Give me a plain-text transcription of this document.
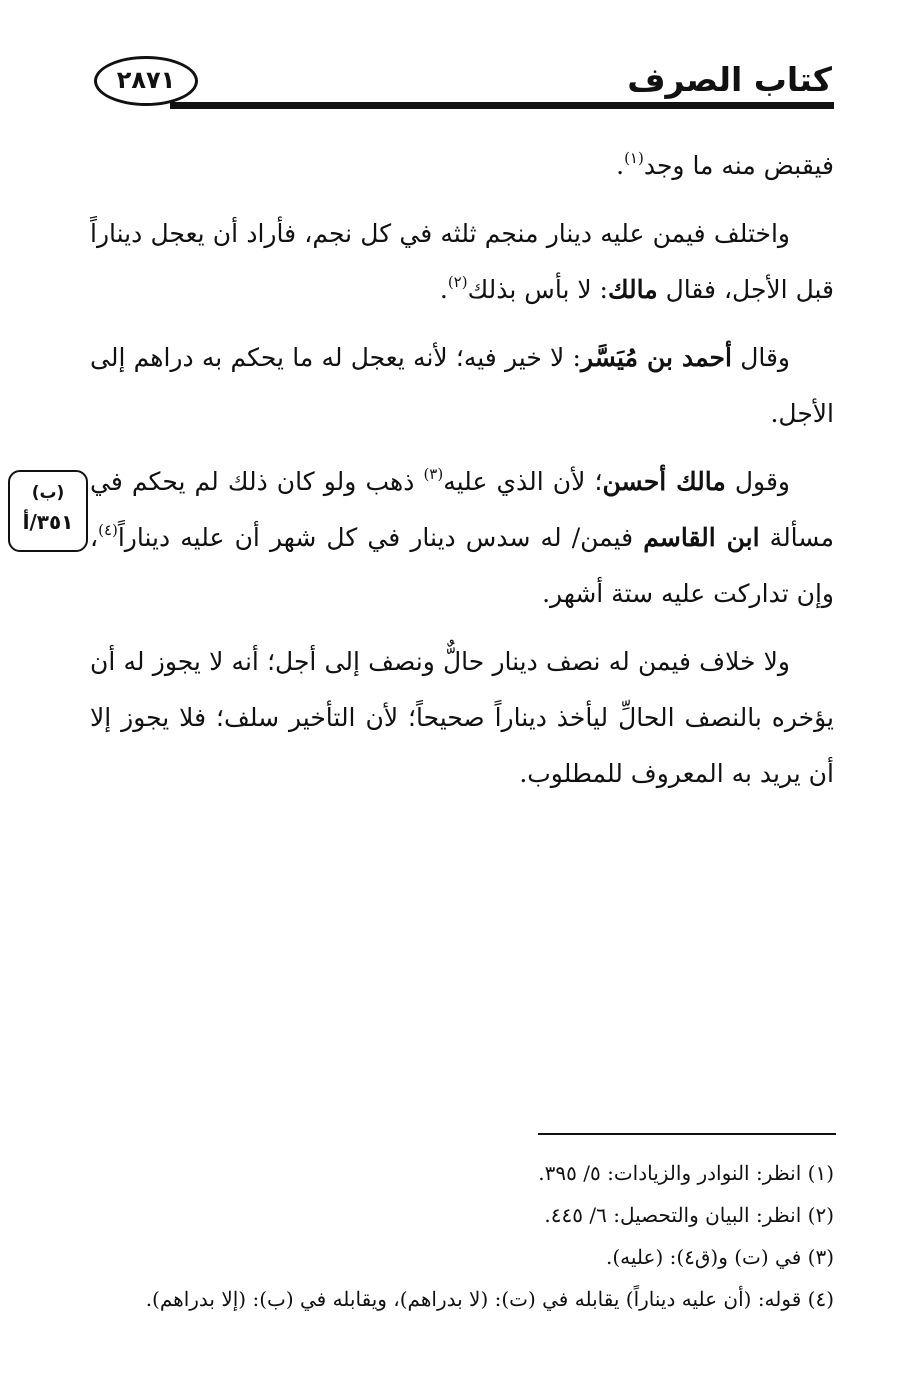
كتاب الصرف
٢٨٧١
(ب)
٣٥١/أ

فيقبض منه ما وجد$^{(١)}$.

واختلف فيمن عليه دينار منجم ثلثه في كل نجم، فأراد أن يعجل ديناراً قبل الأجل، فقال مالك: لا بأس بذلك$^{(٢)}$.

وقال أحمد بن مُيَسَّر: لا خير فيه؛ لأنه يعجل له ما يحكم به دراهم إلى الأجل.

وقول مالك أحسن؛ لأن الذي عليه$^{(٣)}$ ذهب ولو كان ذلك لم يحكم في مسألة ابن القاسم فيمن/ له سدس دينار في كل شهر أن عليه ديناراً$^{(٤)}$، وإن تداركت عليه ستة أشهر.

ولا خلاف فيمن له نصف دينار حالٌّ ونصف إلى أجل؛ أنه لا يجوز له أن يؤخره بالنصف الحالِّ ليأخذ ديناراً صحيحاً؛ لأن التأخير سلف؛ فلا يجوز إلا أن يريد به المعروف للمطلوب.

(١) انظر: النوادر والزيادات: ٥/ ٣٩٥.
(٢) انظر: البيان والتحصيل: ٦/ ٤٤٥.
(٣) في (ت) و(ق٤): (عليه).
(٤) قوله: (أن عليه ديناراً) يقابله في (ت): (لا بدراهم)، ويقابله في (ب): (إلا بدراهم).
